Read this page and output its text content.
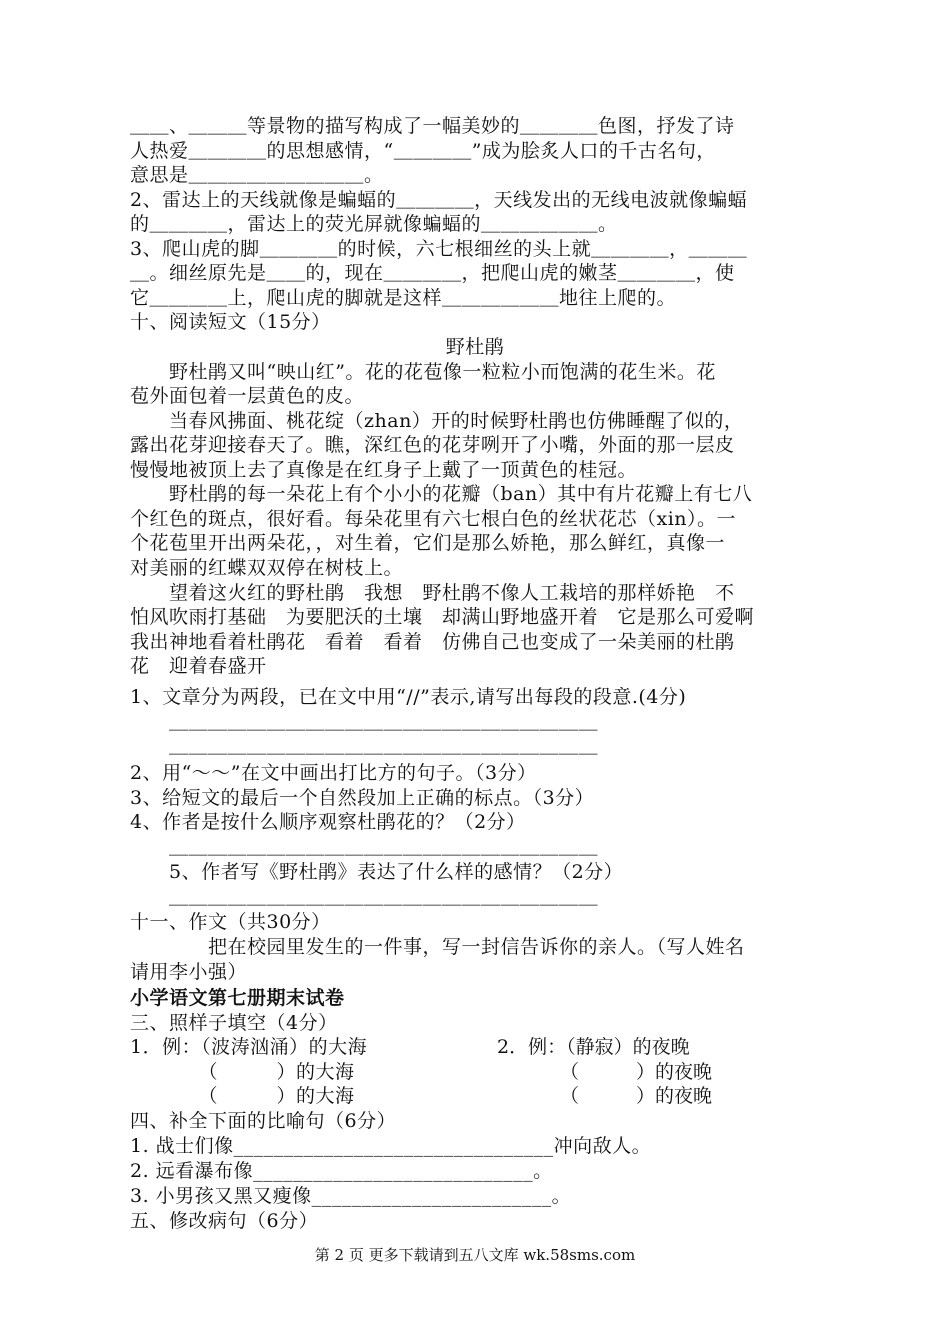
＿＿、＿＿＿等景物的描写构成了一幅美妙的＿＿＿＿色图，抒发了诗
人热爱＿＿＿＿的思想感情，“＿＿＿＿”成为脍炙人口的千古名句，
意思是＿＿＿＿＿＿＿＿＿。
2、雷达上的天线就像是蝙蝠的＿＿＿＿，天线发出的无线电波就像蝙蝠
的＿＿＿＿，雷达上的荧光屏就像蝙蝠的＿＿＿＿＿＿。
3、爬山虎的脚＿＿＿＿的时候，六七根细丝的头上就＿＿＿＿，＿＿＿
＿。细丝原先是＿＿的，现在＿＿＿＿，把爬山虎的嫩茎＿＿＿＿，使
它＿＿＿＿上，爬山虎的脚就是这样＿＿＿＿＿＿地往上爬的。
十、阅读短文（15分）
野杜鹃
　　野杜鹃又叫“映山红”。花的花苞像一粒粒小而饱满的花生米。花
苞外面包着一层黄色的皮。
　　当春风拂面、桃花绽（zhan）开的时候野杜鹃也仿佛睡醒了似的，
露出花芽迎接春天了。瞧，深红色的花芽咧开了小嘴，外面的那一层皮
慢慢地被顶上去了真像是在红身子上戴了一顶黄色的桂冠。
　　野杜鹃的每一朵花上有个小小的花瓣（ban）其中有片花瓣上有七八
个红色的斑点，很好看。每朵花里有六七根白色的丝状花芯（xin）。一
个花苞里开出两朵花，，对生着，它们是那么娇艳，那么鲜红，真像一
对美丽的红蝶双双停在树枝上。
　　望着这火红的野杜鹃　我想　野杜鹃不像人工栽培的那样娇艳　不
怕风吹雨打基础　为要肥沃的土壤　却满山野地盛开着　它是那么可爱啊
我出神地看着杜鹃花　看着　看着　仿佛自己也变成了一朵美丽的杜鹃
花　迎着春盛开
1、文章分为两段，已在文中用“//”表示,请写出每段的段意.(4分)
　　＿＿＿＿＿＿＿＿＿＿＿＿＿＿＿＿＿＿＿＿＿＿
　　＿＿＿＿＿＿＿＿＿＿＿＿＿＿＿＿＿＿＿＿＿＿
2、用“～～”在文中画出打比方的句子。（3分）
3、给短文的最后一个自然段加上正确的标点。（3分）
4、作者是按什么顺序观察杜鹃花的？（2分）
　　＿＿＿＿＿＿＿＿＿＿＿＿＿＿＿＿＿＿＿＿＿＿
　　5、作者写《野杜鹃》表达了什么样的感情？（2分）
　　＿＿＿＿＿＿＿＿＿＿＿＿＿＿＿＿＿＿＿＿＿＿
十一、作文（共30分）
　　　　把在校园里发生的一件事，写一封信告诉你的亲人。（写人姓名
请用李小强）
小学语文第七册期末试卷
三、照样子填空（4分）
1．例：（波涛汹涌）的大海
　　　　（　　　）的大海
　　　　（　　　）的大海
2．例：（静寂）的夜晚
（　　　）的夜晚
（　　　）的夜晚
四、补全下面的比喻句（6分）
1. 战士们像________________________________冲向敌人。
2. 远看瀑布像____________________________。
3. 小男孩又黑又瘦像________________________。
五、修改病句（6分）
第 2 页 更多下载请到五八文库 wk.58sms.com
